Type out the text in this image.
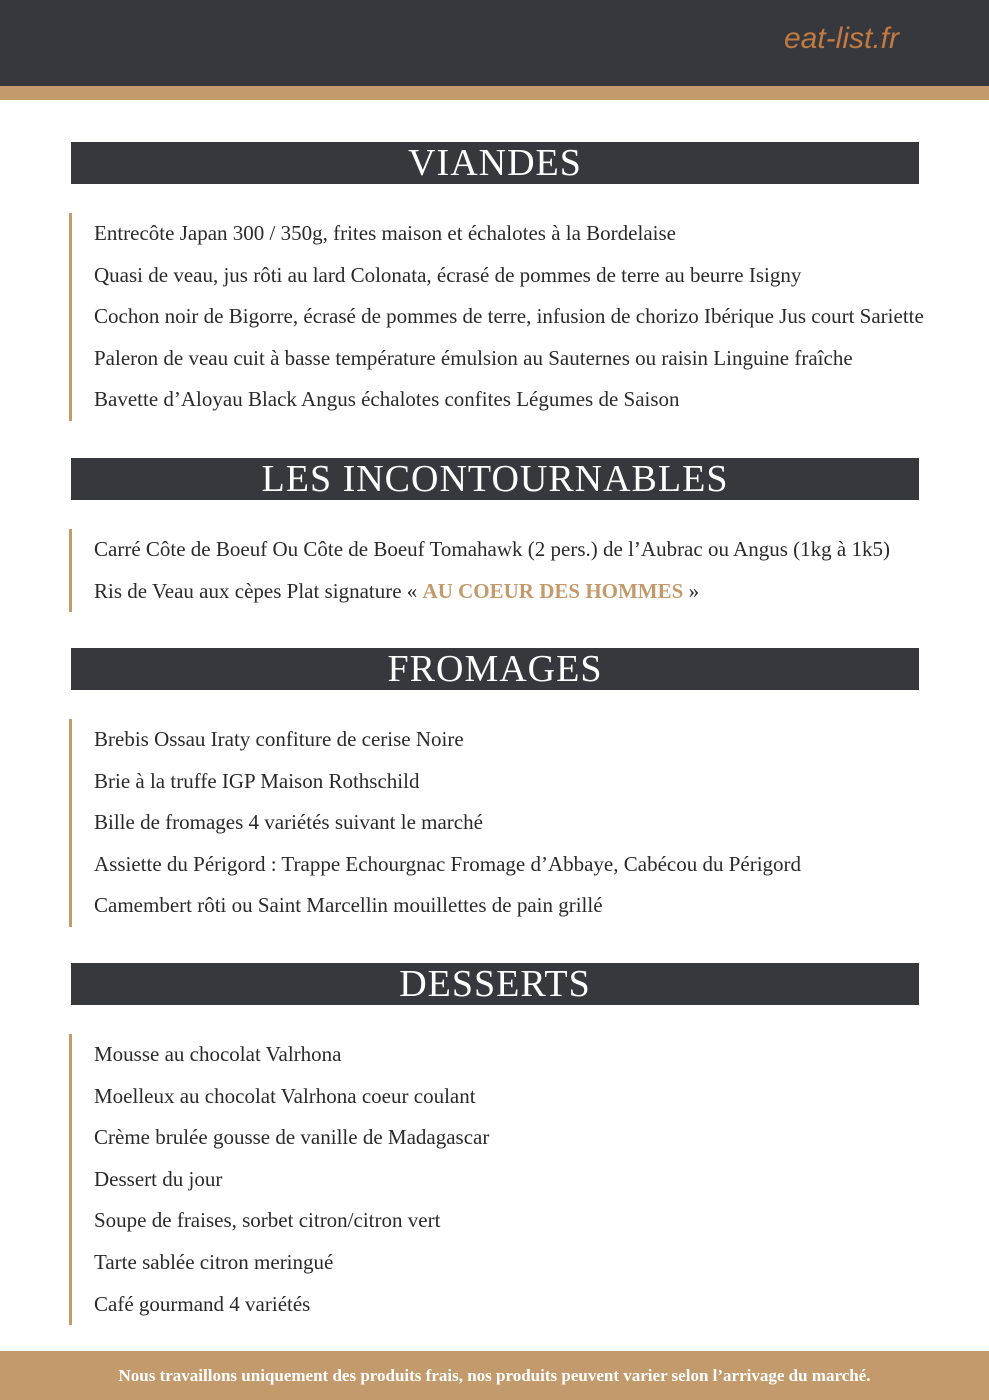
eat-list.fr
VIANDES
Entrecôte Japan 300 / 350g, frites maison et échalotes à la Bordelaise
Quasi de veau, jus rôti au lard Colonata, écrasé de pommes de terre au beurre Isigny
Cochon noir de Bigorre, écrasé de pommes de terre, infusion de chorizo Ibérique Jus court Sariette
Paleron de veau cuit à basse température émulsion au Sauternes ou raisin Linguine fraîche
Bavette d’Aloyau Black Angus échalotes confites Légumes de Saison
LES INCONTOURNABLES
Carré Côte de Boeuf Ou Côte de Boeuf Tomahawk (2 pers.) de l’Aubrac ou Angus (1kg à 1k5)
Ris de Veau aux cèpes Plat signature « AU COEUR DES HOMMES »
FROMAGES
Brebis Ossau Iraty confiture de cerise Noire
Brie à la truffe IGP Maison Rothschild
Bille de fromages 4 variétés suivant le marché
Assiette du Périgord : Trappe Echourgnac Fromage d’Abbaye, Cabécou du Périgord
Camembert rôti ou Saint Marcellin mouillettes de pain grillé
DESSERTS
Mousse au chocolat Valrhona
Moelleux au chocolat Valrhona coeur coulant
Crème brulée gousse de vanille de Madagascar
Dessert du jour
Soupe de fraises, sorbet citron/citron vert
Tarte sablée citron meringué
Café gourmand 4 variétés
Nous travaillons uniquement des produits frais, nos produits peuvent varier selon l’arrivage du marché.
